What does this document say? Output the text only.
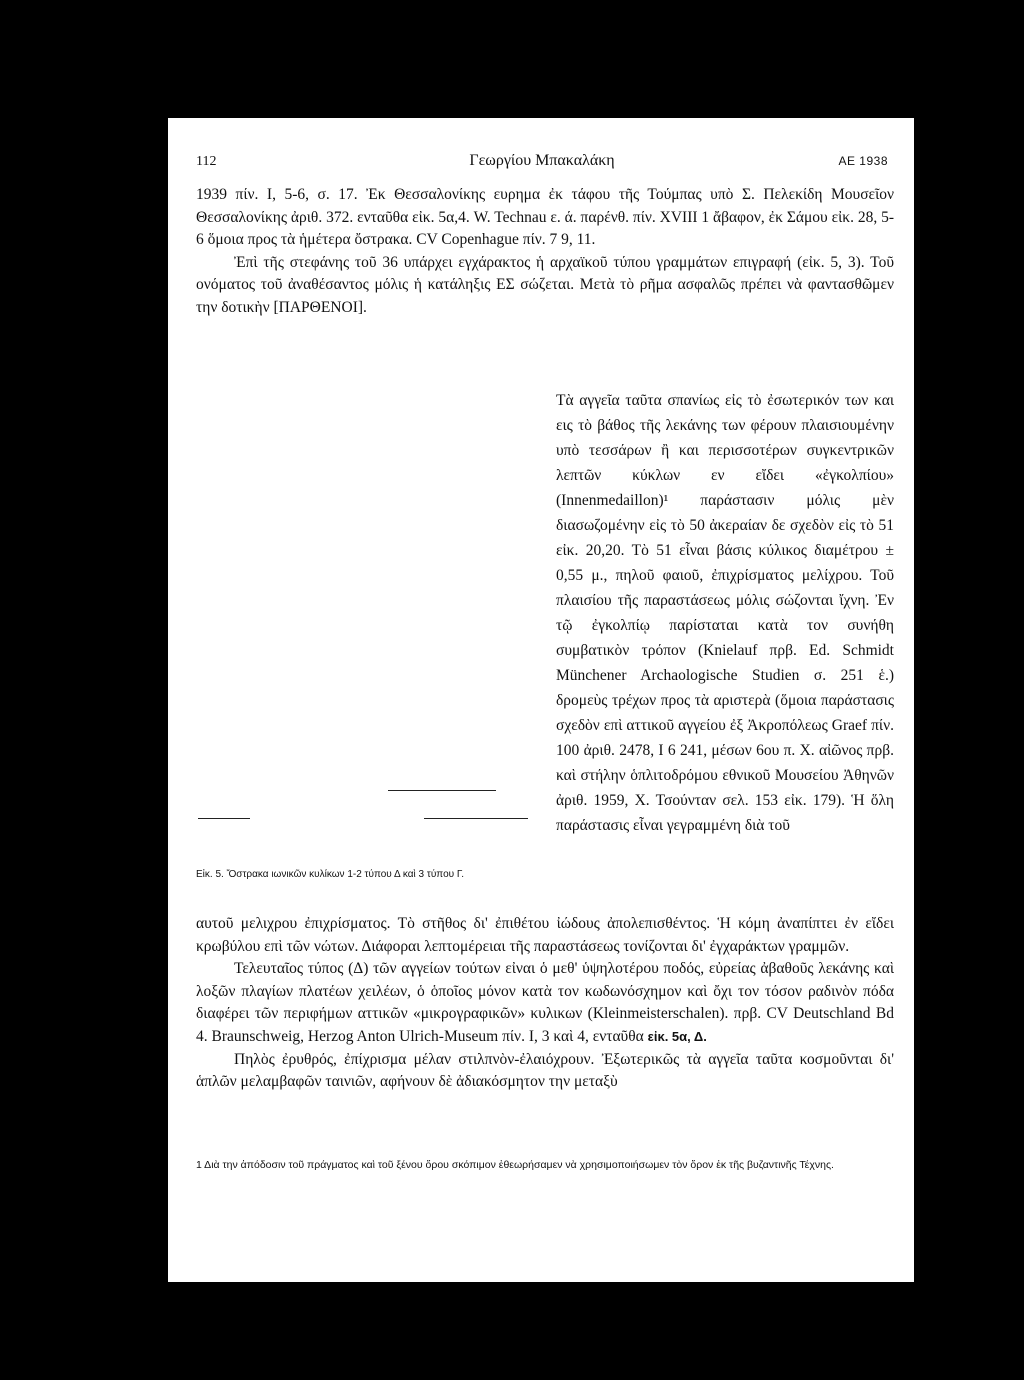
112	Γεωργίου Μπακαλάκη	ΑΕ 1938

1939 πίν. I, 5-6, σ. 17. Ἐκ Θεσσαλονίκης ευρημα ἐκ τάφου τῆς Τούμπας υπὸ Σ. Πελεκίδη Μουσεῖον Θεσσαλονίκης ἀριθ. 372. ενταῦθα εἰκ. 5α,4. W. Technau ε. ά. παρένθ. πίν. XVIII 1 ἄβαφον, ἐκ Σάμου εἰκ. 28, 5-6 ὅμοια προς τὰ ἡμέτερα ὄστρακα. CV Copenhague πίν. 7 9, 11.

Ἐπὶ τῆς στεφάνης τοῦ 36 υπάρχει εγχάρακτος ἡ αρχαϊκοῦ τύπου γραμμάτων επιγραφή (εἰκ. 5, 3). Τοῦ ονόματος τοῦ ἀναθέσαντος μόλις ἡ κατάληξις ΕΣ σώζεται. Μετὰ τὸ ρῆμα ασφαλῶς πρέπει νὰ φαντασθῶμεν την δοτικὴν [ΠΑΡΘΕΝΟΙ].

Τὰ αγγεῖα ταῦτα σπανίως εἰς τὸ ἐσωτερικόν των και εις τὸ βάθος τῆς λεκάνης των φέρουν πλαισιουμένην υπὸ τεσσάρων ἢ και περισσοτέρων συγκεντρικῶν λεπτῶν κύκλων εν εἴδει «ἐγκολπίου» (Innenmedaillon)¹ παράστασιν μόλις μὲν διασωζομένην εἰς τὸ 50 ἀκεραίαν δε σχεδὸν εἰς τὸ 51 εἰκ. 20,20. Τὸ 51 εἶναι βάσις κύλικος διαμέτρου ± 0,55 μ., πηλοῦ φαιοῦ, ἐπιχρίσματος μελίχρου. Τοῦ πλαισίου τῆς παραστάσεως μόλις σώζονται ἴχνη. Ἐν τῷ ἐγκολπίῳ παρίσταται κατὰ τον συνήθη συμβατικὸν τρόπον (Knielauf πρβ. Ed. Schmidt Münchener Archaologische Studien σ. 251 ἑ.) δρομεὺς τρέχων προς τὰ αριστερὰ (ὅμοια παράστασις σχεδὸν επὶ αττικοῦ αγγείου ἐξ Ἀκροπόλεως Graef πίν. 100 ἀριθ. 2478, I 6 241, μέσων 6ου π. Χ. αἰῶνος πρβ. καὶ στήλην ὁπλιτοδρόμου εθνικοῦ Μουσείου Ἀθηνῶν ἀριθ. 1959, Χ. Τσούνταν σελ. 153 εἰκ. 179). Ἡ ὅλη παράστασις εἶναι γεγραμμένη διὰ τοῦ

Εἰκ. 5. Ὄστρακα ιωνικῶν κυλίκων 1-2 τύπου Δ καὶ 3 τύπου Γ.

αυτοῦ μελιχρου ἐπιχρίσματος. Τὸ στῆθος δι' ἐπιθέτου ἰώδους ἀπολεπισθέντος. Ἡ κόμη ἀναπίπτει ἐν εἴδει κρωβύλου επὶ τῶν νώτων. Διάφοραι λεπτομέρειαι τῆς παραστάσεως τονίζονται δι' ἐγχαράκτων γραμμῶν.

Τελευταῖος τύπος (Δ) τῶν αγγείων τούτων εἰναι ὁ μεθ' ὑψηλοτέρου ποδός, εὐρείας ἀβαθοῦς λεκάνης καὶ λοξῶν πλαγίων πλατέων χειλέων, ὁ ὁποῖος μόνον κατὰ τον κωδωνόσχημον καὶ ὄχι τον τόσον ραδινὸν πόδα διαφέρει τῶν περιφήμων αττικῶν «μικρογραφικῶν» κυλικων (Kleinmeisterschalen). πρβ. CV Deutschland Bd 4. Braunschweig, Herzog Anton Ulrich-Museum πίν. I, 3 καὶ 4, ενταῦθα εἰκ. 5α, Δ.

Πηλὸς ἐρυθρός, ἐπίχρισμα μέλαν στιλπνὸν-ἐλαιόχρουν. Ἐξωτερικῶς τὰ αγγεῖα ταῦτα κοσμοῦνται δι' ἁπλῶν μελαμβαφῶν ταινιῶν, αφήνουν δὲ ἀδιακόσμητον την μεταξὺ

1 Διὰ την ἀπόδοσιν τοῦ πράγματος καὶ τοῦ ξένου ὅρου σκόπιμον ἐθεωρήσαμεν νὰ χρησιμοποιήσωμεν τὸν ὅρον ἐκ τῆς βυζαντινῆς Τέχνης.
